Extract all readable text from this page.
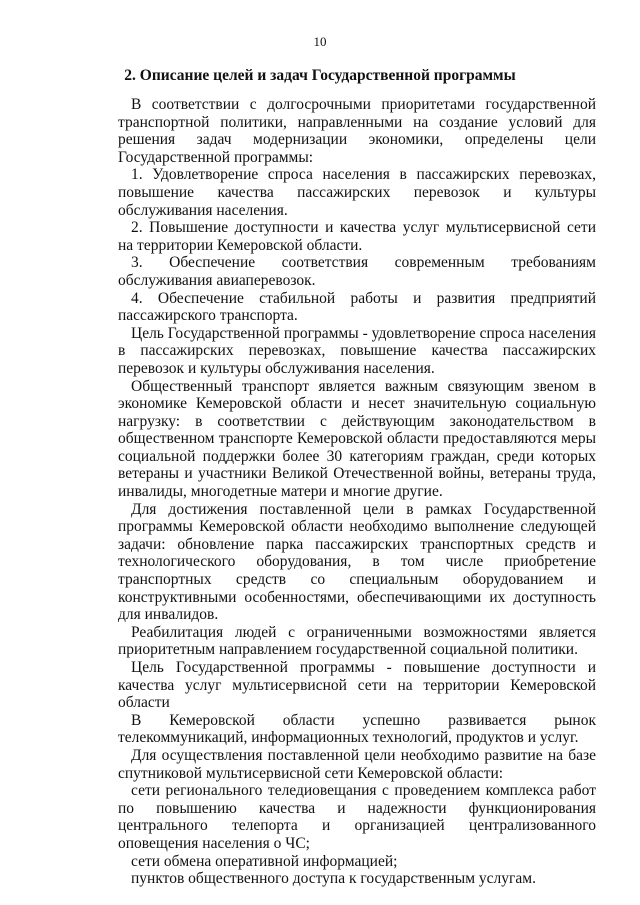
10
2. Описание целей и задач Государственной программы

В соответствии с долгосрочными приоритетами государственной транспортной политики, направленными на создание условий для решения задач модернизации экономики, определены цели Государственной программы:

1. Удовлетворение спроса населения в пассажирских перевозках, повышение качества пассажирских перевозок и культуры обслуживания населения.

2. Повышение доступности и качества услуг мультисервисной сети на территории Кемеровской области.

3. Обеспечение соответствия современным требованиям обслуживания авиаперевозок.

4. Обеспечение стабильной работы и развития предприятий пассажирского транспорта.

Цель Государственной программы - удовлетворение спроса населения в пассажирских перевозках, повышение качества пассажирских перевозок и культуры обслуживания населения.

Общественный транспорт является важным связующим звеном в экономике Кемеровской области и несет значительную социальную нагрузку: в соответствии с действующим законодательством в общественном транспорте Кемеровской области предоставляются меры социальной поддержки более 30 категориям граждан, среди которых ветераны и участники Великой Отечественной войны, ветераны труда, инвалиды, многодетные матери и многие другие.

Для достижения поставленной цели в рамках Государственной программы Кемеровской области необходимо выполнение следующей задачи: обновление парка пассажирских транспортных средств и технологического оборудования, в том числе приобретение транспортных средств со специальным оборудованием и конструктивными особенностями, обеспечивающими их доступность для инвалидов.

Реабилитация людей с ограниченными возможностями является приоритетным направлением государственной социальной политики.

Цель Государственной программы - повышение доступности и качества услуг мультисервисной сети на территории Кемеровской области

В Кемеровской области успешно развивается рынок телекоммуникаций, информационных технологий, продуктов и услуг.

Для осуществления поставленной цели необходимо развитие на базе спутниковой мультисервисной сети Кемеровской области:

сети регионального теледиовещания с проведением комплекса работ по повышению качества и надежности функционирования центрального телепорта и организацией централизованного оповещения населения о ЧС;

сети обмена оперативной информацией;

пунктов общественного доступа к государственным услугам.
